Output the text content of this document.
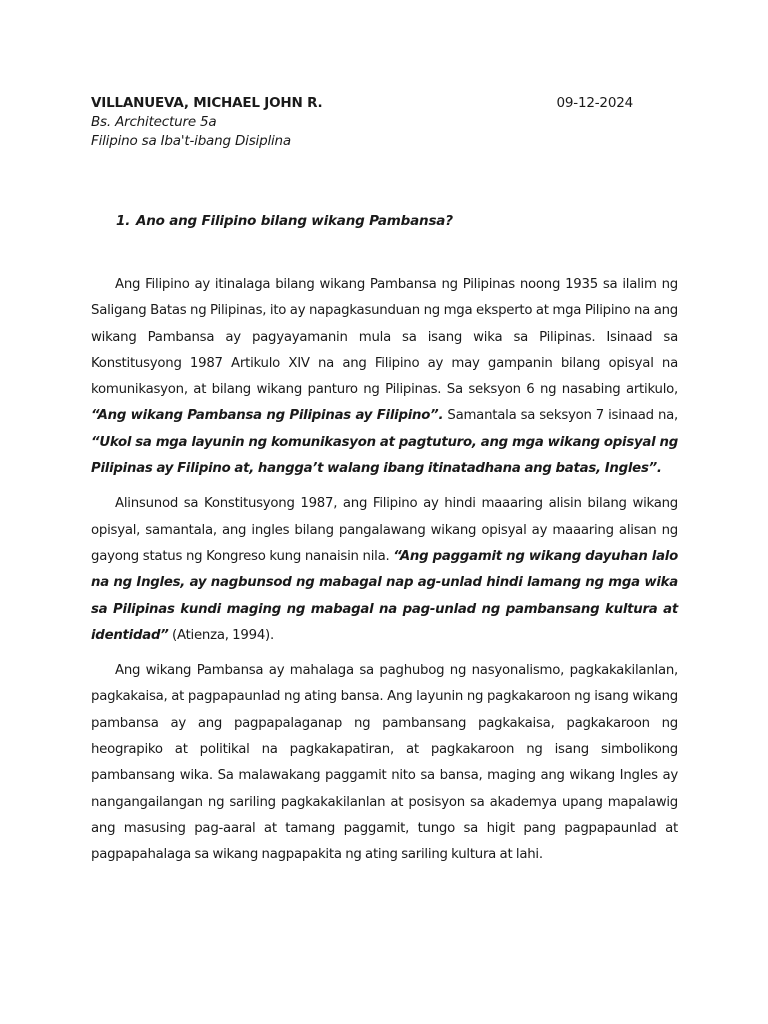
VILLANUEVA, MICHAEL JOHN R.	09-12-2024
Bs. Architecture 5a
Filipino sa Iba't-ibang Disiplina
1. Ano ang Filipino bilang wikang Pambansa?

Ang Filipino ay itinalaga bilang wikang Pambansa ng Pilipinas noong 1935 sa ilalim ng Saligang Batas ng Pilipinas, ito ay napagkasunduan ng mga eksperto at mga Pilipino na ang wikang Pambansa ay pagyayamanin mula sa isang wika sa Pilipinas. Isinaad sa Konstitusyong 1987 Artikulo XIV na ang Filipino ay may gampanin bilang opisyal na komunikasyon, at bilang wikang panturo ng Pilipinas. Sa seksyon 6 ng nasabing artikulo, “Ang wikang Pambansa ng Pilipinas ay Filipino”. Samantala sa seksyon 7 isinaad na, “Ukol sa mga layunin ng komunikasyon at pagtuturo, ang mga wikang opisyal ng Pilipinas ay Filipino at, hangga’t walang ibang itinatadhana ang batas, Ingles”.

Alinsunod sa Konstitusyong 1987, ang Filipino ay hindi maaaring alisin bilang wikang opisyal, samantala, ang ingles bilang pangalawang wikang opisyal ay maaaring alisan ng gayong status ng Kongreso kung nanaisin nila. “Ang paggamit ng wikang dayuhan lalo na ng Ingles, ay nagbunsod ng mabagal nap ag-unlad hindi lamang ng mga wika sa Pilipinas kundi maging ng mabagal na pag-unlad ng pambansang kultura at identidad” (Atienza, 1994).

Ang wikang Pambansa ay mahalaga sa paghubog ng nasyonalismo, pagkakakilanlan, pagkakaisa, at pagpapaunlad ng ating bansa. Ang layunin ng pagkakaroon ng isang wikang pambansa ay ang pagpapalaganap ng pambansang pagkakaisa, pagkakaroon ng heograpiko at politikal na pagkakapatiran, at pagkakaroon ng isang simbolikong pambansang wika. Sa malawakang paggamit nito sa bansa, maging ang wikang Ingles ay nangangailangan ng sariling pagkakakilanlan at posisyon sa akademya upang mapalawig ang masusing pag-aaral at tamang paggamit, tungo sa higit pang pagpapaunlad at pagpapahalaga sa wikang nagpapakita ng ating sariling kultura at lahi.
